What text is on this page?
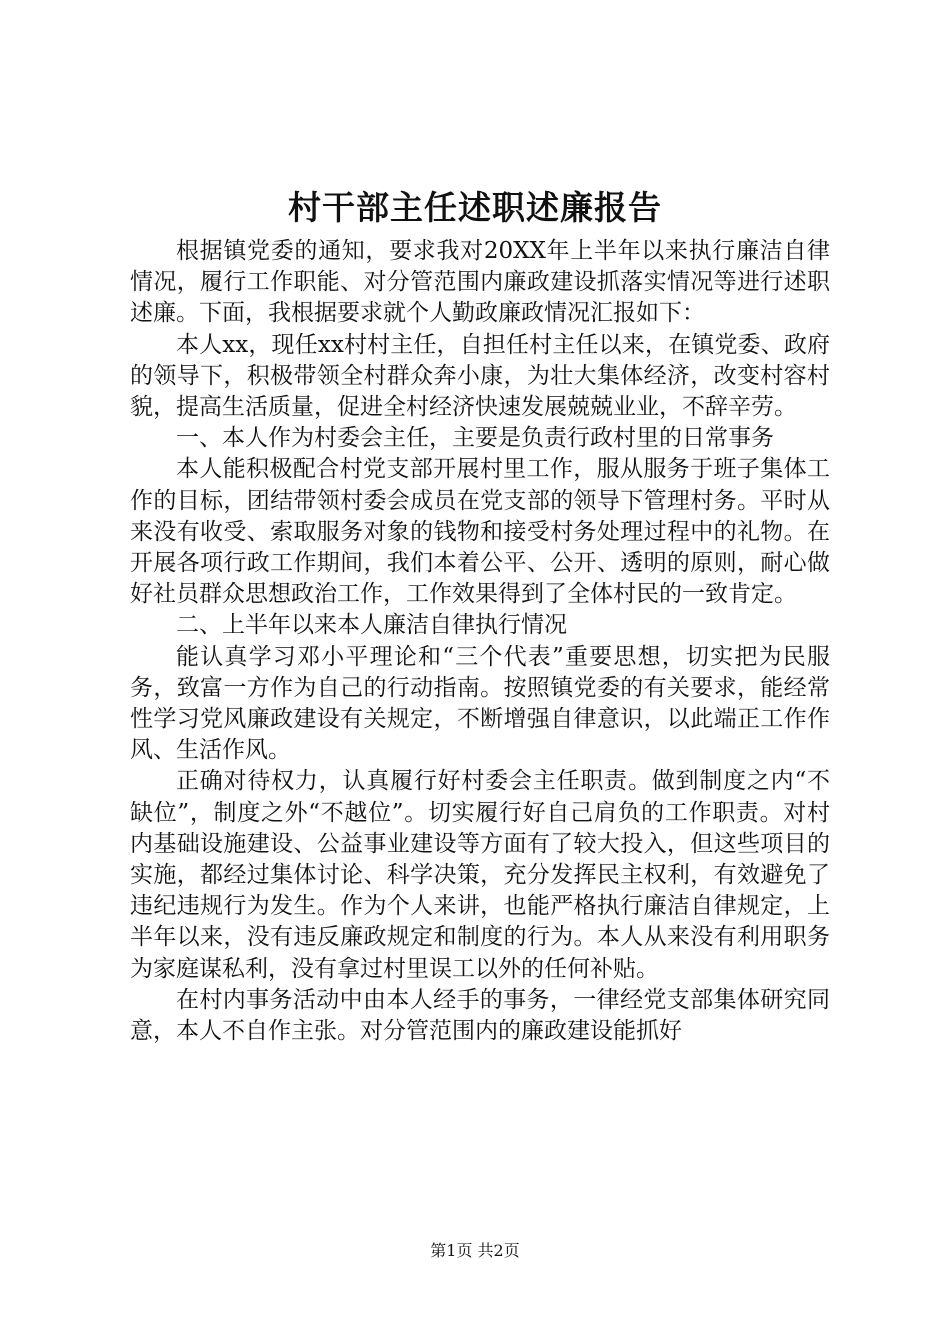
村干部主任述职述廉报告

根据镇党委的通知，要求我对20XX年上半年以来执行廉洁自律情况，履行工作职能、对分管范围内廉政建设抓落实情况等进行述职述廉。下面，我根据要求就个人勤政廉政情况汇报如下：

本人xx，现任xx村村主任，自担任村主任以来，在镇党委、政府的领导下，积极带领全村群众奔小康，为壮大集体经济，改变村容村貌，提高生活质量，促进全村经济快速发展兢兢业业，不辞辛劳。

一、本人作为村委会主任，主要是负责行政村里的日常事务

本人能积极配合村党支部开展村里工作，服从服务于班子集体工作的目标，团结带领村委会成员在党支部的领导下管理村务。平时从来没有收受、索取服务对象的钱物和接受村务处理过程中的礼物。在开展各项行政工作期间，我们本着公平、公开、透明的原则，耐心做好社员群众思想政治工作，工作效果得到了全体村民的一致肯定。

二、上半年以来本人廉洁自律执行情况

能认真学习邓小平理论和“三个代表”重要思想，切实把为民服务，致富一方作为自己的行动指南。按照镇党委的有关要求，能经常性学习党风廉政建设有关规定，不断增强自律意识，以此端正工作作风、生活作风。

正确对待权力，认真履行好村委会主任职责。做到制度之内“不缺位”，制度之外“不越位”。切实履行好自己肩负的工作职责。对村内基础设施建设、公益事业建设等方面有了较大投入，但这些项目的实施，都经过集体讨论、科学决策，充分发挥民主权利，有效避免了违纪违规行为发生。作为个人来讲，也能严格执行廉洁自律规定，上半年以来，没有违反廉政规定和制度的行为。本人从来没有利用职务为家庭谋私利，没有拿过村里误工以外的任何补贴。

在村内事务活动中由本人经手的事务，一律经党支部集体研究同意，本人不自作主张。对分管范围内的廉政建设能抓好

第1页 共2页
